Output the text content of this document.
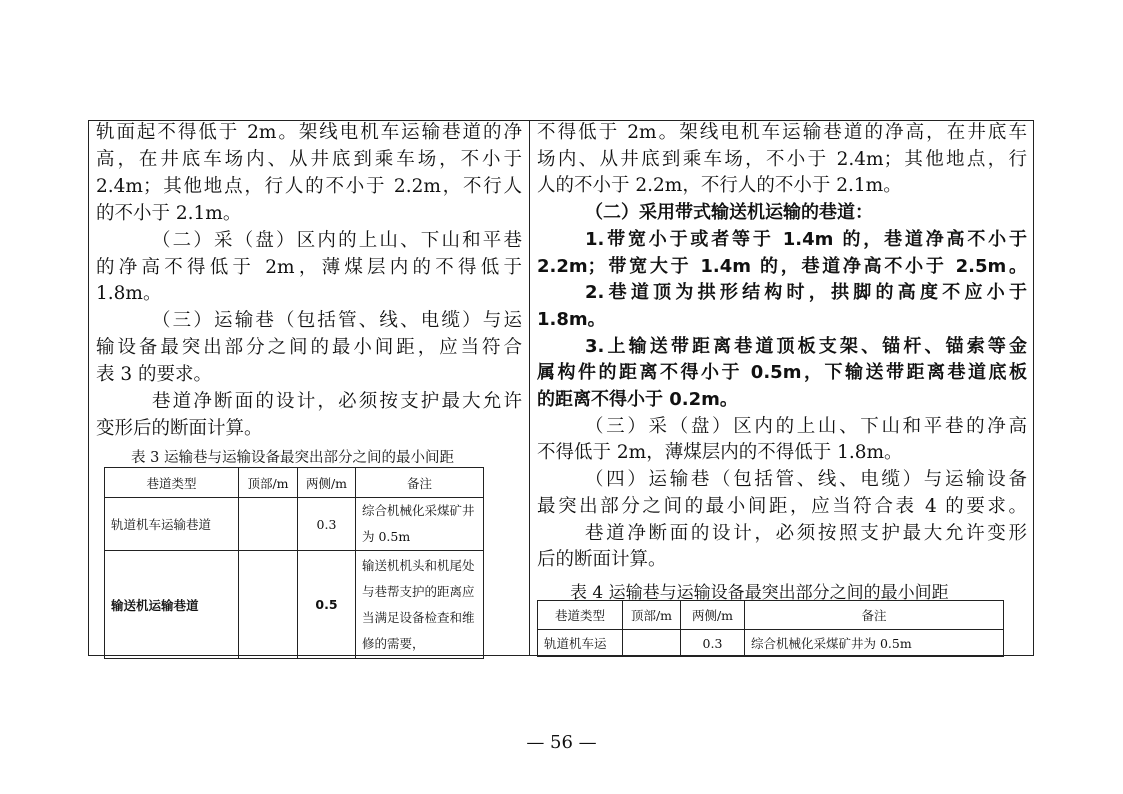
轨面起不得低于 2m。架线电机车运输巷道的净
高，在井底车场内、从井底到乘车场，不小于
2.4m；其他地点，行人的不小于 2.2m，不行人
的不小于 2.1m。
（二）采（盘）区内的上山、下山和平巷
的净高不得低于 2m，薄煤层内的不得低于
1.8m。
（三）运输巷（包括管、线、电缆）与运
输设备最突出部分之间的最小间距，应当符合
表 3 的要求。
巷道净断面的设计，必须按支护最大允许
变形后的断面计算。
不得低于 2m。架线电机车运输巷道的净高，在井底车
场内、从井底到乘车场，不小于 2.4m；其他地点，行
人的不小于 2.2m，不行人的不小于 2.1m。
（二）采用带式输送机运输的巷道：
1.带宽小于或者等于 1.4m 的，巷道净高不小于
2.2m；带宽大于 1.4m 的，巷道净高不小于 2.5m。
2.巷道顶为拱形结构时，拱脚的高度不应小于
1.8m。
3.上输送带距离巷道顶板支架、锚杆、锚索等金
属构件的距离不得小于 0.5m，下输送带距离巷道底板
的距离不得小于 0.2m。
（三）采（盘）区内的上山、下山和平巷的净高
不得低于 2m，薄煤层内的不得低于 1.8m。
（四）运输巷（包括管、线、电缆）与运输设备
最突出部分之间的最小间距，应当符合表 4 的要求。
巷道净断面的设计，必须按照支护最大允许变形
后的断面计算。
表 3 运输巷与运输设备最突出部分之间的最小间距
巷道类型	顶部/m	两侧/m	备注
轨道机车运输巷道		0.3	综合机械化采煤矿井为 0.5m
输送机运输巷道		0.5	输送机机头和机尾处与巷帮支护的距离应当满足设备检查和维修的需要，
表 4 运输巷与运输设备最突出部分之间的最小间距
巷道类型	顶部/m	两侧/m	备注
轨道机车运		0.3	综合机械化采煤矿井为 0.5m
— 56 —
